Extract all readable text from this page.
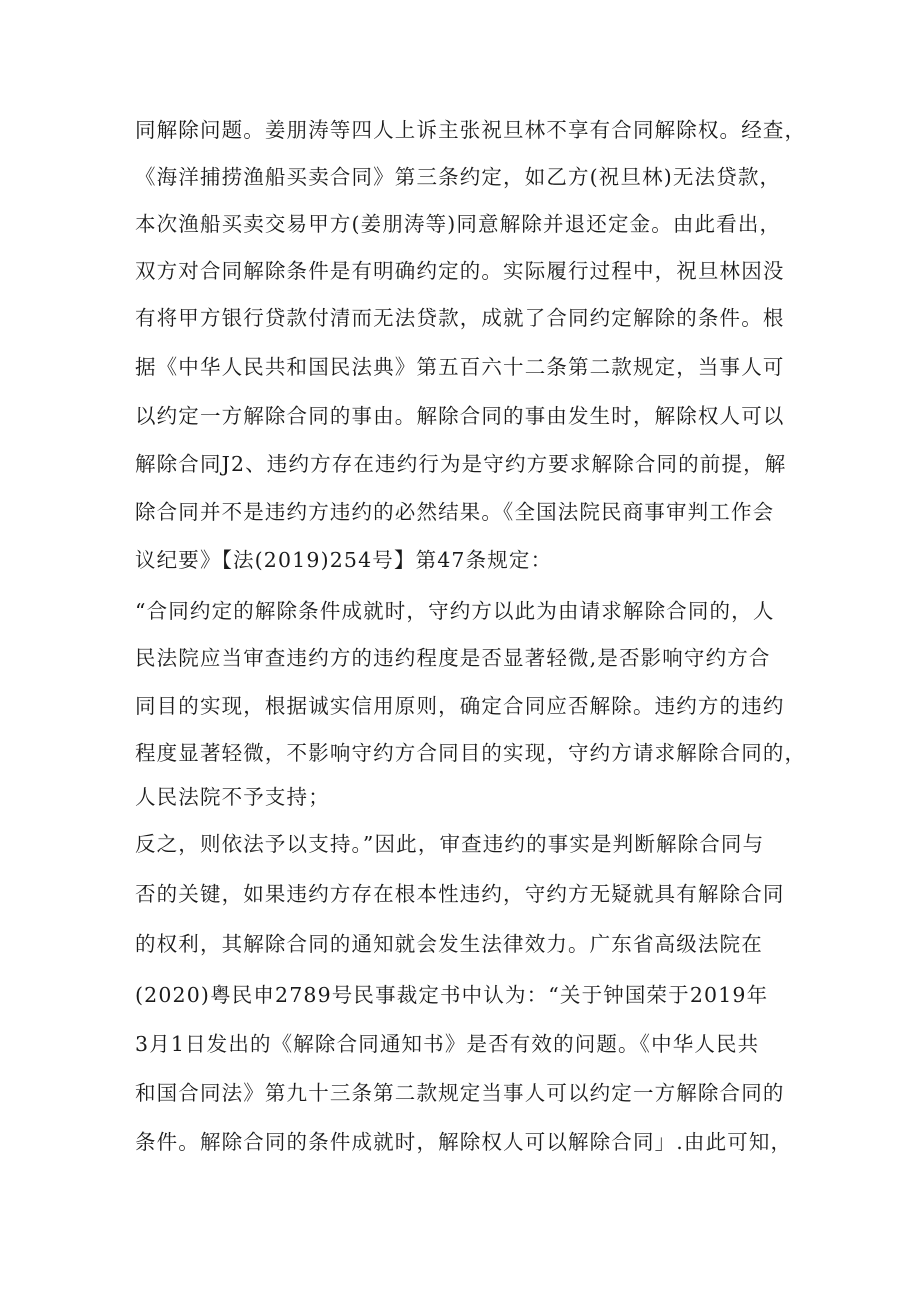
同解除问题。姜朋涛等四人上诉主张祝旦林不享有合同解除权。经查，

《海洋捕捞渔船买卖合同》第三条约定，如乙方(祝旦林)无法贷款，

本次渔船买卖交易甲方(姜朋涛等)同意解除并退还定金。由此看出，

双方对合同解除条件是有明确约定的。实际履行过程中，祝旦林因没

有将甲方银行贷款付清而无法贷款，成就了合同约定解除的条件。根

据《中华人民共和国民法典》第五百六十二条第二款规定，当事人可

以约定一方解除合同的事由。解除合同的事由发生时，解除权人可以

解除合同J2、违约方存在违约行为是守约方要求解除合同的前提，解

除合同并不是违约方违约的必然结果。《全国法院民商事审判工作会

议纪要》【法(2019)254号】第47条规定：

“合同约定的解除条件成就时，守约方以此为由请求解除合同的，人

民法院应当审查违约方的违约程度是否显著轻微,是否影响守约方合

同目的实现，根据诚实信用原则，确定合同应否解除。违约方的违约

程度显著轻微，不影响守约方合同目的实现，守约方请求解除合同的，

人民法院不予支持；

反之，则依法予以支持。”因此，审查违约的事实是判断解除合同与

否的关键，如果违约方存在根本性违约，守约方无疑就具有解除合同

的权利，其解除合同的通知就会发生法律效力。广东省高级法院在

(2020)粤民申2789号民事裁定书中认为：“关于钟国荣于2019年

3月1日发出的《解除合同通知书》是否有效的问题。《中华人民共

和国合同法》第九十三条第二款规定当事人可以约定一方解除合同的

条件。解除合同的条件成就时，解除权人可以解除合同」.由此可知，
